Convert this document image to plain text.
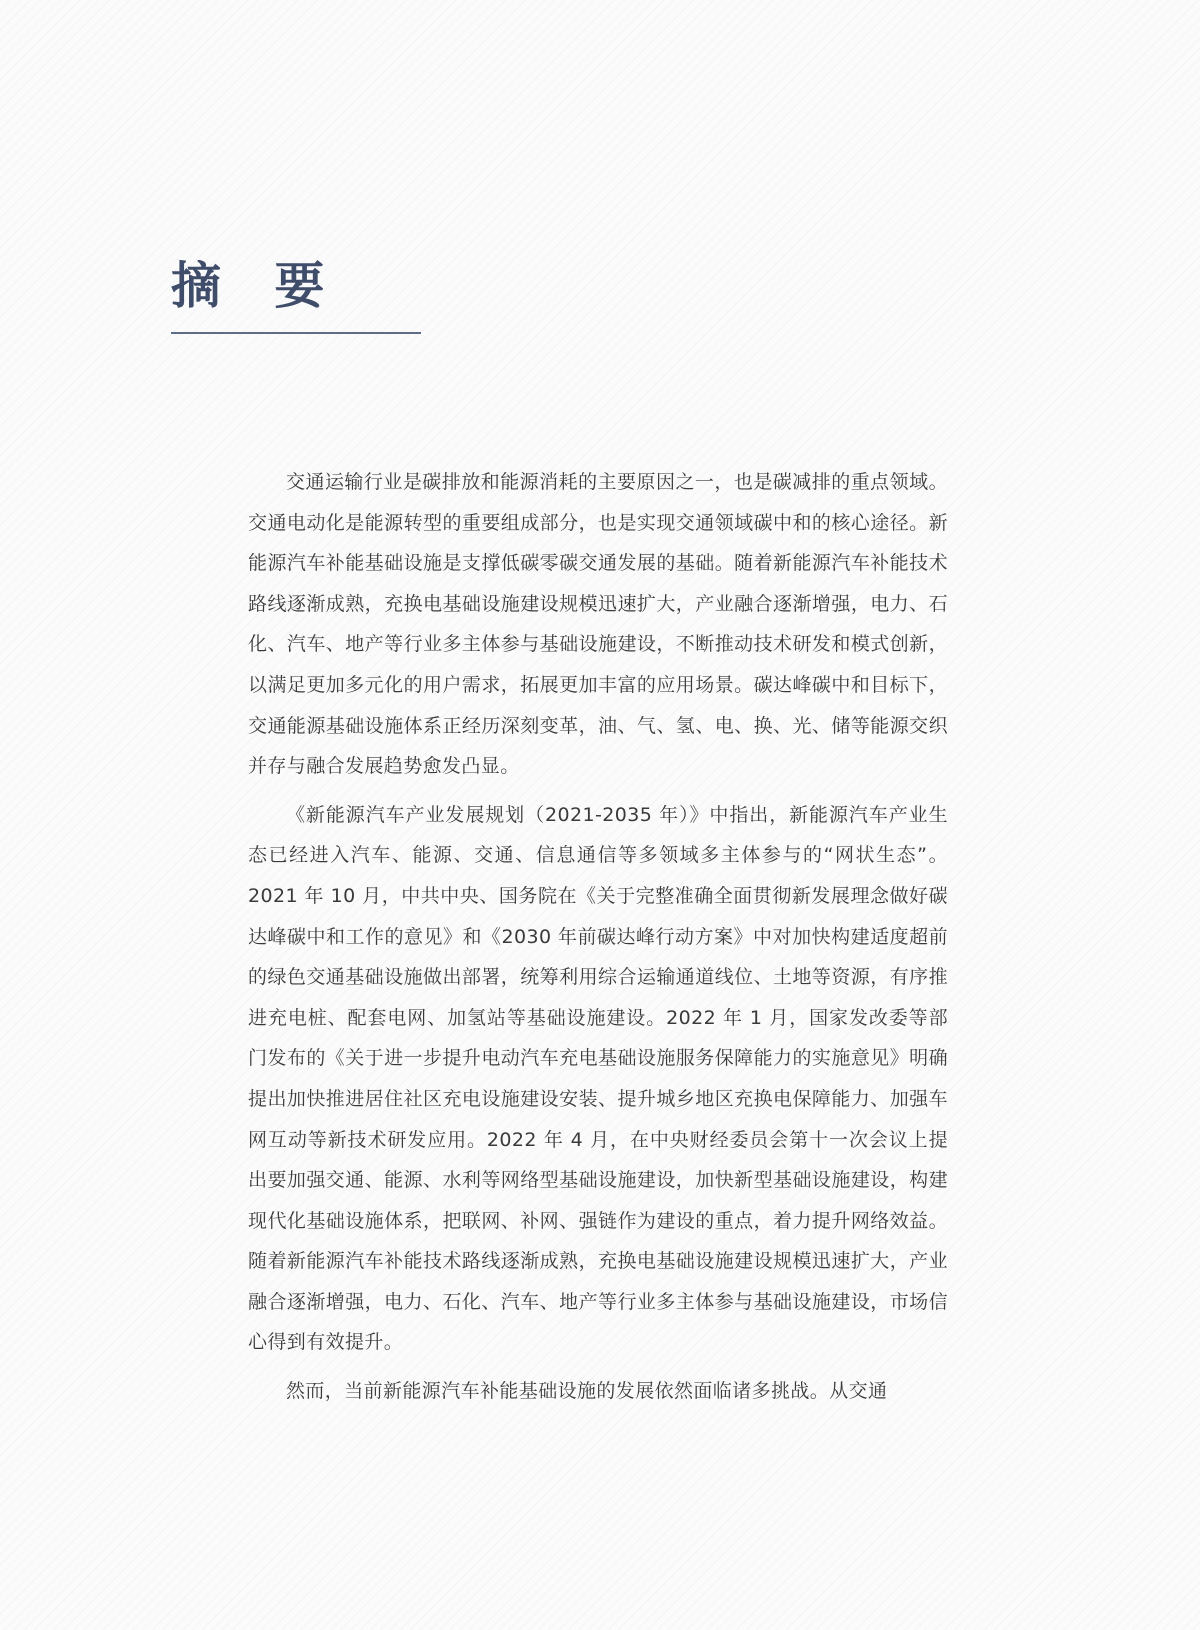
摘 要

交通运输行业是碳排放和能源消耗的主要原因之一，也是碳减排的重点领域。交通电动化是能源转型的重要组成部分，也是实现交通领域碳中和的核心途径。新能源汽车补能基础设施是支撑低碳零碳交通发展的基础。随着新能源汽车补能技术路线逐渐成熟，充换电基础设施建设规模迅速扩大，产业融合逐渐增强，电力、石化、汽车、地产等行业多主体参与基础设施建设，不断推动技术研发和模式创新，以满足更加多元化的用户需求，拓展更加丰富的应用场景。碳达峰碳中和目标下，交通能源基础设施体系正经历深刻变革，油、气、氢、电、换、光、储等能源交织并存与融合发展趋势愈发凸显。

《新能源汽车产业发展规划（2021-2035 年）》中指出，新能源汽车产业生态已经进入汽车、能源、交通、信息通信等多领域多主体参与的“网状生态”。2021 年 10 月，中共中央、国务院在《关于完整准确全面贯彻新发展理念做好碳达峰碳中和工作的意见》和《2030 年前碳达峰行动方案》中对加快构建适度超前的绿色交通基础设施做出部署，统筹利用综合运输通道线位、土地等资源，有序推进充电桩、配套电网、加氢站等基础设施建设。2022 年 1 月，国家发改委等部门发布的《关于进一步提升电动汽车充电基础设施服务保障能力的实施意见》明确提出加快推进居住社区充电设施建设安装、提升城乡地区充换电保障能力、加强车网互动等新技术研发应用。2022 年 4 月，在中央财经委员会第十一次会议上提出要加强交通、能源、水利等网络型基础设施建设，加快新型基础设施建设，构建现代化基础设施体系，把联网、补网、强链作为建设的重点，着力提升网络效益。随着新能源汽车补能技术路线逐渐成熟，充换电基础设施建设规模迅速扩大，产业融合逐渐增强，电力、石化、汽车、地产等行业多主体参与基础设施建设，市场信心得到有效提升。

然而，当前新能源汽车补能基础设施的发展依然面临诸多挑战。从交通
